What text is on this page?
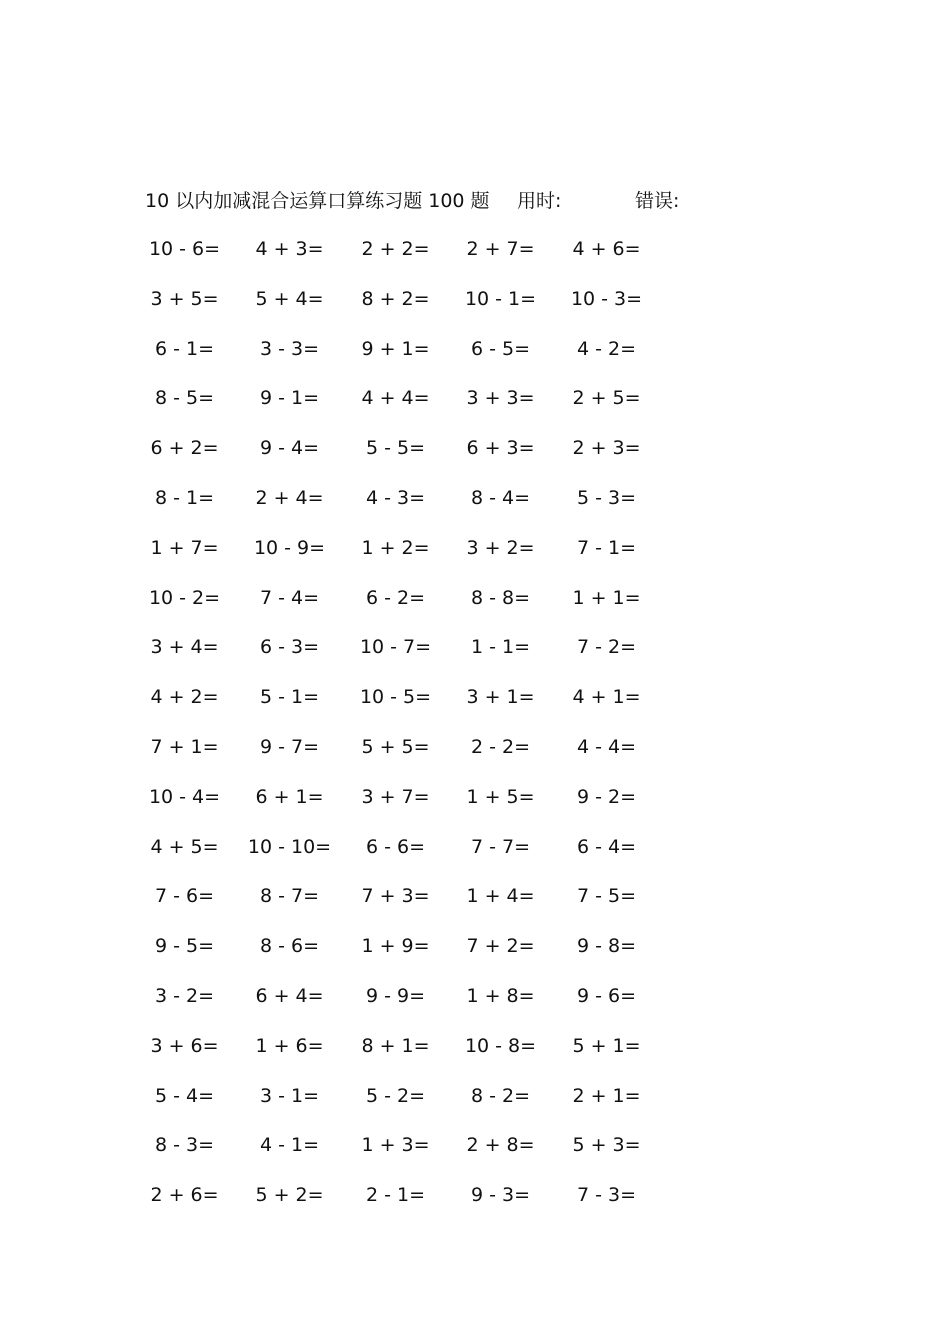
10 以内加减混合运算口算练习题 100 题 用时:	错误:
10 - 6=	4 + 3=	2 + 2=	2 + 7=	4 + 6=
3 + 5=	5 + 4=	8 + 2=	10 - 1=	10 - 3=
6 - 1=	3 - 3=	9 + 1=	6 - 5=	4 - 2=
8 - 5=	9 - 1=	4 + 4=	3 + 3=	2 + 5=
6 + 2=	9 - 4=	5 - 5=	6 + 3=	2 + 3=
8 - 1=	2 + 4=	4 - 3=	8 - 4=	5 - 3=
1 + 7=	10 - 9=	1 + 2=	3 + 2=	7 - 1=
10 - 2=	7 - 4=	6 - 2=	8 - 8=	1 + 1=
3 + 4=	6 - 3=	10 - 7=	1 - 1=	7 - 2=
4 + 2=	5 - 1=	10 - 5=	3 + 1=	4 + 1=
7 + 1=	9 - 7=	5 + 5=	2 - 2=	4 - 4=
10 - 4=	6 + 1=	3 + 7=	1 + 5=	9 - 2=
4 + 5=	10 - 10=	6 - 6=	7 - 7=	6 - 4=
7 - 6=	8 - 7=	7 + 3=	1 + 4=	7 - 5=
9 - 5=	8 - 6=	1 + 9=	7 + 2=	9 - 8=
3 - 2=	6 + 4=	9 - 9=	1 + 8=	9 - 6=
3 + 6=	1 + 6=	8 + 1=	10 - 8=	5 + 1=
5 - 4=	3 - 1=	5 - 2=	8 - 2=	2 + 1=
8 - 3=	4 - 1=	1 + 3=	2 + 8=	5 + 3=
2 + 6=	5 + 2=	2 - 1=	9 - 3=	7 - 3=
